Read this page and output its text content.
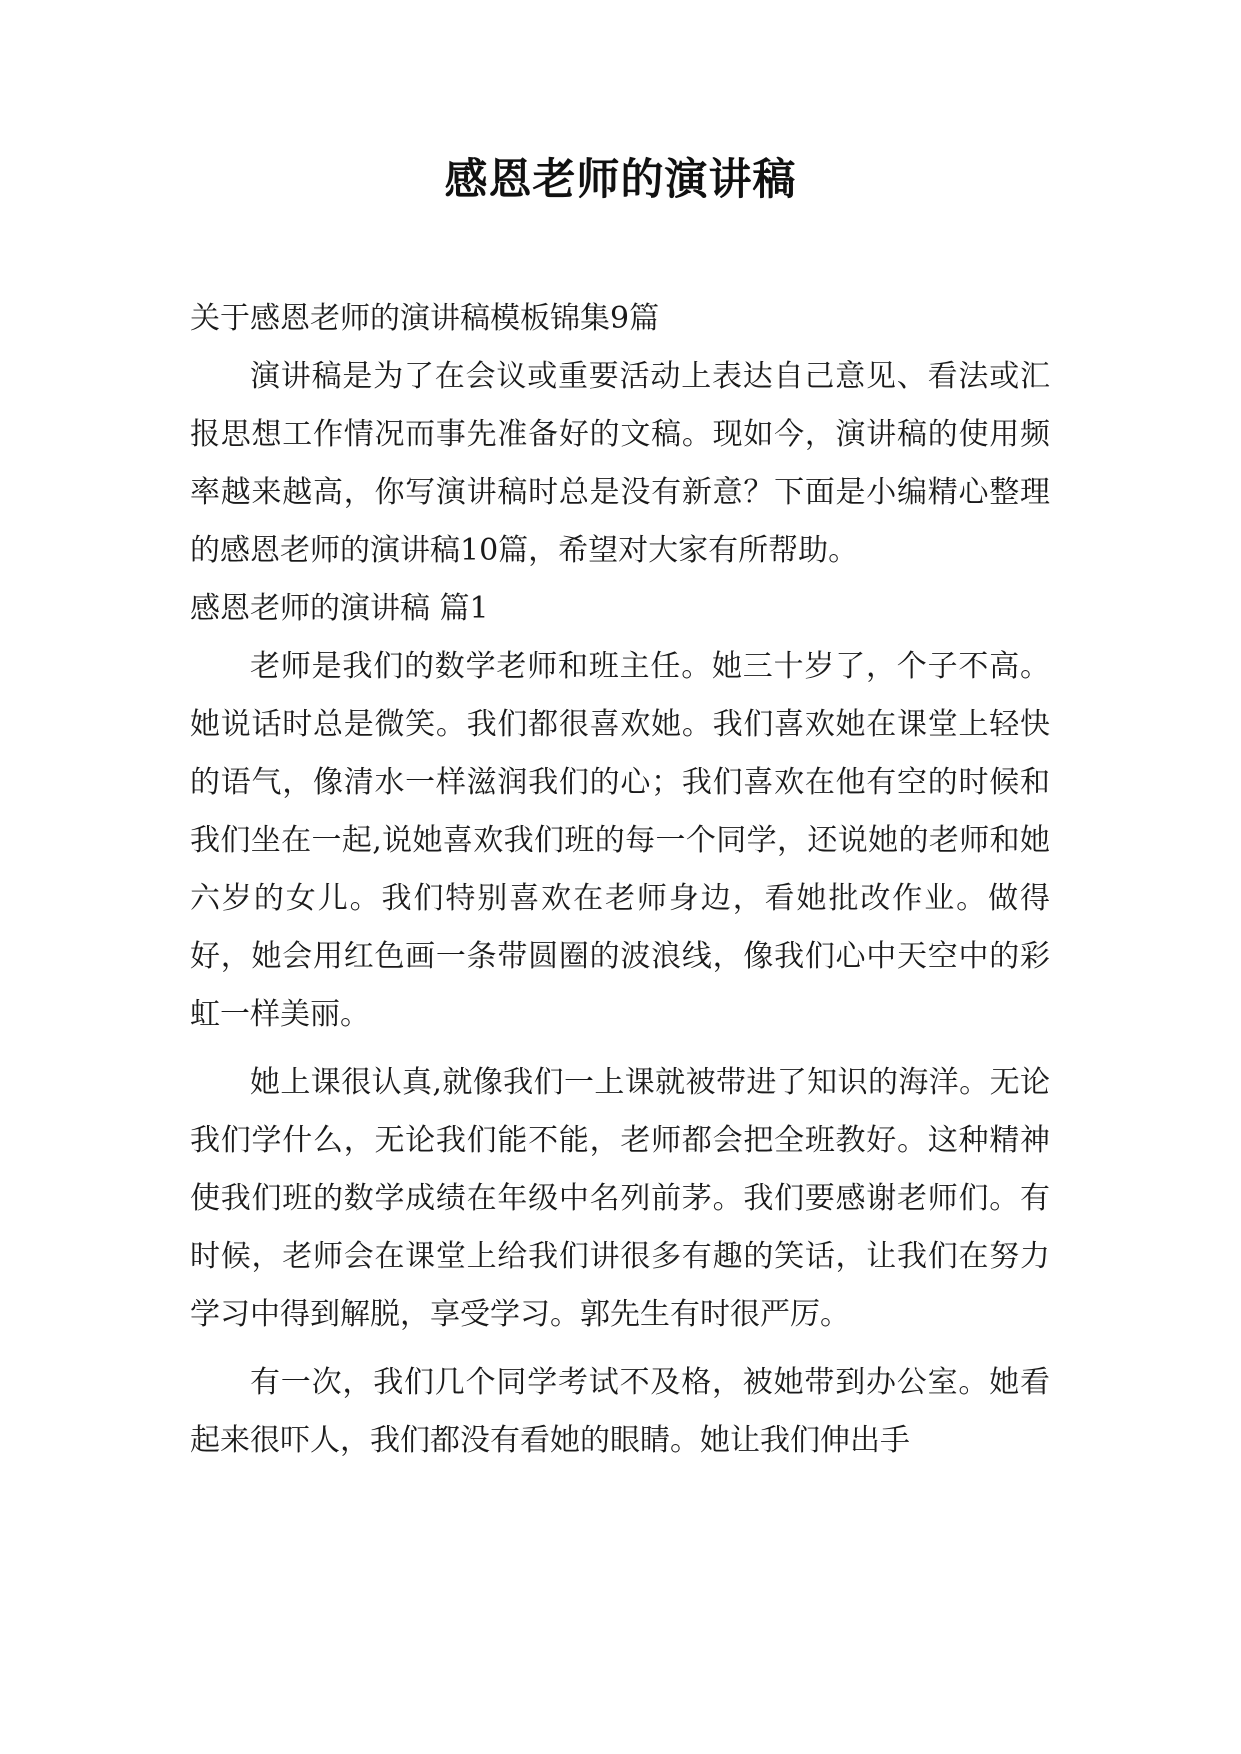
感恩老师的演讲稿

关于感恩老师的演讲稿模板锦集9篇

演讲稿是为了在会议或重要活动上表达自己意见、看法或汇报思想工作情况而事先准备好的文稿。现如今，演讲稿的使用频率越来越高，你写演讲稿时总是没有新意？下面是小编精心整理的感恩老师的演讲稿10篇，希望对大家有所帮助。

感恩老师的演讲稿 篇1

老师是我们的数学老师和班主任。她三十岁了，个子不高。她说话时总是微笑。我们都很喜欢她。我们喜欢她在课堂上轻快的语气，像清水一样滋润我们的心；我们喜欢在他有空的时候和我们坐在一起,说她喜欢我们班的每一个同学，还说她的老师和她六岁的女儿。我们特别喜欢在老师身边，看她批改作业。做得好，她会用红色画一条带圆圈的波浪线，像我们心中天空中的彩虹一样美丽。

她上课很认真,就像我们一上课就被带进了知识的海洋。无论我们学什么，无论我们能不能，老师都会把全班教好。这种精神使我们班的数学成绩在年级中名列前茅。我们要感谢老师们。有时候，老师会在课堂上给我们讲很多有趣的笑话，让我们在努力学习中得到解脱，享受学习。郭先生有时很严厉。

有一次，我们几个同学考试不及格，被她带到办公室。她看起来很吓人，我们都没有看她的眼睛。她让我们伸出手
